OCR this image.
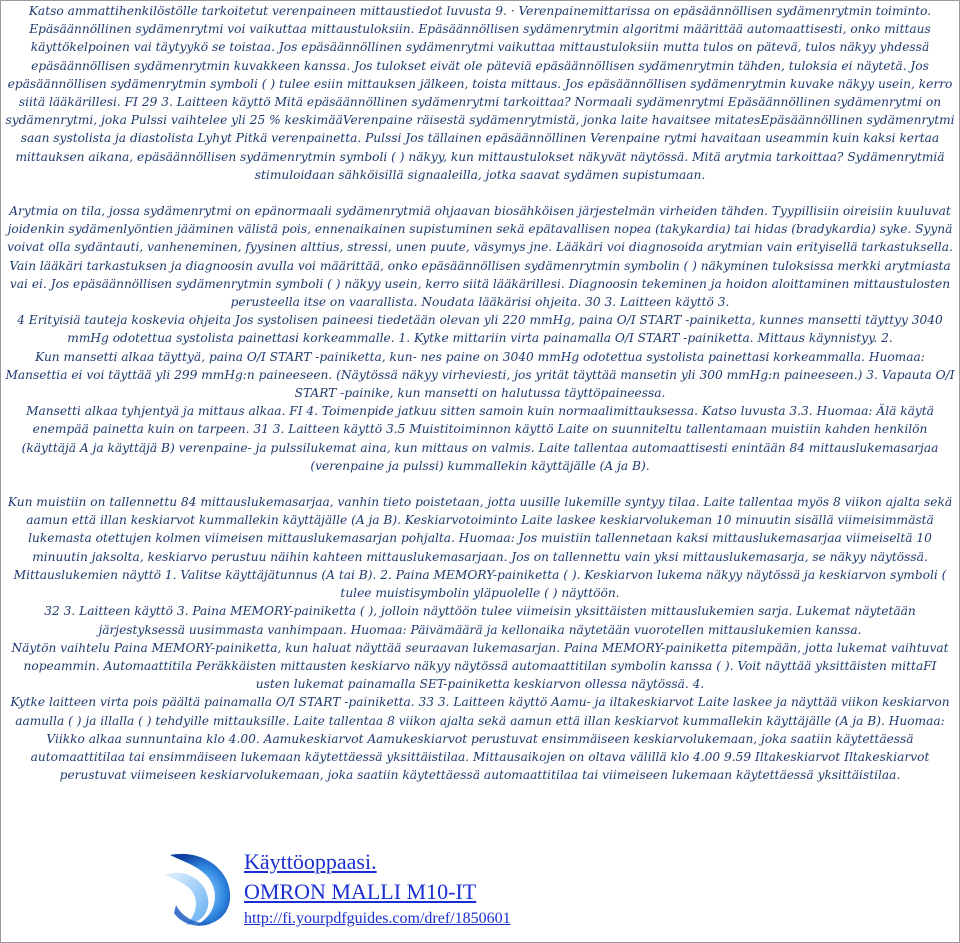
Katso ammattihenkilöstölle tarkoitetut verenpaineen mittaustiedot luvusta 9. · Verenpainemittarissa on epäsäännöllisen sydämenrytmin toiminto. Epäsäännöllinen sydämenrytmi voi vaikuttaa mittaustuloksiin. Epäsäännöllisen sydämenrytmin algoritmi määrittää automaattisesti, onko mittaus käyttökelpoinen vai täytyykö se toistaa. Jos epäsäännöllinen sydämenrytmi vaikuttaa mittaustuloksiin mutta tulos on pätevä, tulos näkyy yhdessä epäsäännöllisen sydämenrytmin kuvakkeen kanssa. Jos tulokset eivät ole päteviä epäsäännöllisen sydämenrytmin tähden, tuloksia ei näytetä. Jos epäsäännöllisen sydämenrytmin symboli ( ) tulee esiin mittauksen jälkeen, toista mittaus. Jos epäsäännöllisen sydämenrytmin kuvake näkyy usein, kerro siitä lääkärillesi. FI 29 3. Laitteen käyttö Mitä epäsäännöllinen sydämenrytmi tarkoittaa? Normaali sydämenrytmi Epäsäännöllinen sydämenrytmi on sydämenrytmi, joka Pulssi vaihtelee yli 25 % keskimääVerenpaine räisestä sydämenrytmistä, jonka laite havaitsee mitatesEpäsäännöllinen sydämenrytmi saan systolista ja diastolista Lyhyt Pitkä verenpainetta. Pulssi Jos tällainen epäsäännöllinen Verenpaine rytmi havaitaan useammin kuin kaksi kertaa mittauksen aikana, epäsäännöllisen sydämenrytmin symboli ( ) näkyy, kun mittaustulokset näkyvät näytössä. Mitä arytmia tarkoittaa? Sydämenrytmiä stimuloidaan sähköisillä signaaleilla, jotka saavat sydämen supistumaan.

Arytmia on tila, jossa sydämenrytmi on epänormaali sydämenrytmiä ohjaavan biosähköisen järjestelmän virheiden tähden. Tyypillisiin oireisiin kuuluvat joidenkin sydämenlyöntien jääminen välistä pois, ennenaikainen supistuminen sekä epätavallisen nopea (takykardia) tai hidas (bradykardia) syke. Syynä voivat olla sydäntauti, vanheneminen, fyysinen alttius, stressi, unen puute, väsymys jne. Lääkäri voi diagnosoida arytmian vain erityisellä tarkastuksella. Vain lääkäri tarkastuksen ja diagnoosin avulla voi määrittää, onko epäsäännöllisen sydämenrytmin symbolin ( ) näkyminen tuloksissa merkki arytmiasta vai ei. Jos epäsäännöllisen sydämenrytmin symboli ( ) näkyy usein, kerro siitä lääkärillesi. Diagnoosin tekeminen ja hoidon aloittaminen mittaustulosten perusteella itse on vaarallista. Noudata lääkärisi ohjeita. 30 3. Laitteen käyttö 3.

4 Erityisiä tauteja koskevia ohjeita Jos systolisen paineesi tiedetään olevan yli 220 mmHg, paina O/I START -painiketta, kunnes mansetti täyttyy 3040 mmHg odotettua systolista painettasi korkeammalle. 1. Kytke mittariin virta painamalla O/I START -painiketta. Mittaus käynnistyy. 2.

Kun mansetti alkaa täyttyä, paina O/I START -painiketta, kun- nes paine on 3040 mmHg odotettua systolista painettasi korkeammalla. Huomaa: Mansettia ei voi täyttää yli 299 mmHg:n paineeseen. (Näytössä näkyy virheviesti, jos yrität täyttää mansetin yli 300 mmHg:n paineeseen.) 3. Vapauta O/I START -painike, kun mansetti on halutussa täyttöpaineessa.

Mansetti alkaa tyhjentyä ja mittaus alkaa. FI 4. Toimenpide jatkuu sitten samoin kuin normaalimittauksessa. Katso luvusta 3.3. Huomaa: Älä käytä enempää painetta kuin on tarpeen. 31 3. Laitteen käyttö 3.5 Muistitoiminnon käyttö Laite on suunniteltu tallentamaan muistiin kahden henkilön (käyttäjä A ja käyttäjä B) verenpaine- ja pulssilukemat aina, kun mittaus on valmis. Laite tallentaa automaattisesti enintään 84 mittauslukemasarjaa (verenpaine ja pulssi) kummallekin käyttäjälle (A ja B).

Kun muistiin on tallennettu 84 mittauslukemasarjaa, vanhin tieto poistetaan, jotta uusille lukemille syntyy tilaa. Laite tallentaa myös 8 viikon ajalta sekä aamun että illan keskiarvot kummallekin käyttäjälle (A ja B). Keskiarvotoiminto Laite laskee keskiarvolukeman 10 minuutin sisällä viimeisimmästä lukemasta otettujen kolmen viimeisen mittauslukemasarjan pohjalta. Huomaa: Jos muistiin tallennetaan kaksi mittauslukemasarjaa viimeiseltä 10 minuutin jaksolta, keskiarvo perustuu näihin kahteen mittauslukemasarjaan. Jos on tallennettu vain yksi mittauslukemasarja, se näkyy näytössä. Mittauslukemien näyttö 1. Valitse käyttäjätunnus (A tai B). 2. Paina MEMORY-painiketta ( ). Keskiarvon lukema näkyy näytössä ja keskiarvon symboli ( tulee muistisymbolin yläpuolelle ( ) näyttöön.

32 3. Laitteen käyttö 3. Paina MEMORY-painiketta ( ), jolloin näyttöön tulee viimeisin yksittäisten mittauslukemien sarja. Lukemat näytetään järjestyksessä uusimmasta vanhimpaan. Huomaa: Päivämäärä ja kellonaika näytetään vuorotellen mittauslukemien kanssa.

Näytön vaihtelu Paina MEMORY-painiketta, kun haluat näyttää seuraavan lukemasarjan. Paina MEMORY-painiketta pitempään, jotta lukemat vaihtuvat nopeammin. Automaattitila Peräkkäisten mittausten keskiarvo näkyy näytössä automaattitilan symbolin kanssa ( ). Voit näyttää yksittäisten mittaFI usten lukemat painamalla SET-painiketta keskiarvon ollessa näytössä. 4.

Kytke laitteen virta pois päältä painamalla O/I START -painiketta. 33 3. Laitteen käyttö Aamu- ja iltakeskiarvot Laite laskee ja näyttää viikon keskiarvon aamulla ( ) ja illalla ( ) tehdyille mittauksille. Laite tallentaa 8 viikon ajalta sekä aamun että illan keskiarvot kummallekin käyttäjälle (A ja B). Huomaa: Viikko alkaa sunnuntaina klo 4.00. Aamukeskiarvot Aamukeskiarvot perustuvat ensimmäiseen keskiarvolukemaan, joka saatiin käytettäessä automaattitilaa tai ensimmäiseen lukemaan käytettäessä yksittäistilaa. Mittausaikojen on oltava välillä klo 4.00 9.59 Iltakeskiarvot Iltakeskiarvot perustuvat viimeiseen keskiarvolukemaan, joka saatiin käytettäessä automaattitilaa tai viimeiseen lukemaan käytettäessä yksittäistilaa.

Käyttöoppaasi.
OMRON MALLI M10-IT
http://fi.yourpdfguides.com/dref/1850601
